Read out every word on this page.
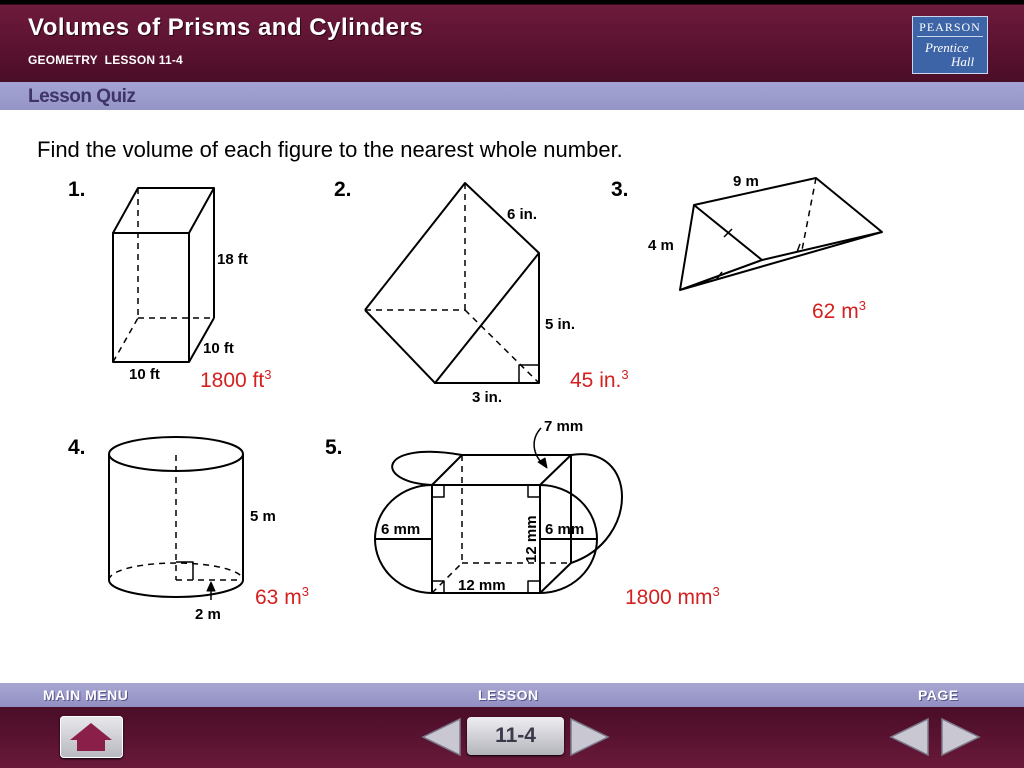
Volumes of Prisms and Cylinders
GEOMETRY  LESSON 11-4
PEARSON
Prentice
Hall
Lesson Quiz
Find the volume of each figure to the nearest whole number.
1.	2.	3.
4.	5.
18 ft
10 ft
10 ft
6 in.
5 in.
3 in.
9 m
4 m
5 m
2 m
7 mm
6 mm	6 mm
12 mm
12 mm
1800 $ft^3$	45 in.$^3$
62 $m^3$
63 $m^3$	1800 $mm^3$
MAIN MENU	LESSON	PAGE
11-4
